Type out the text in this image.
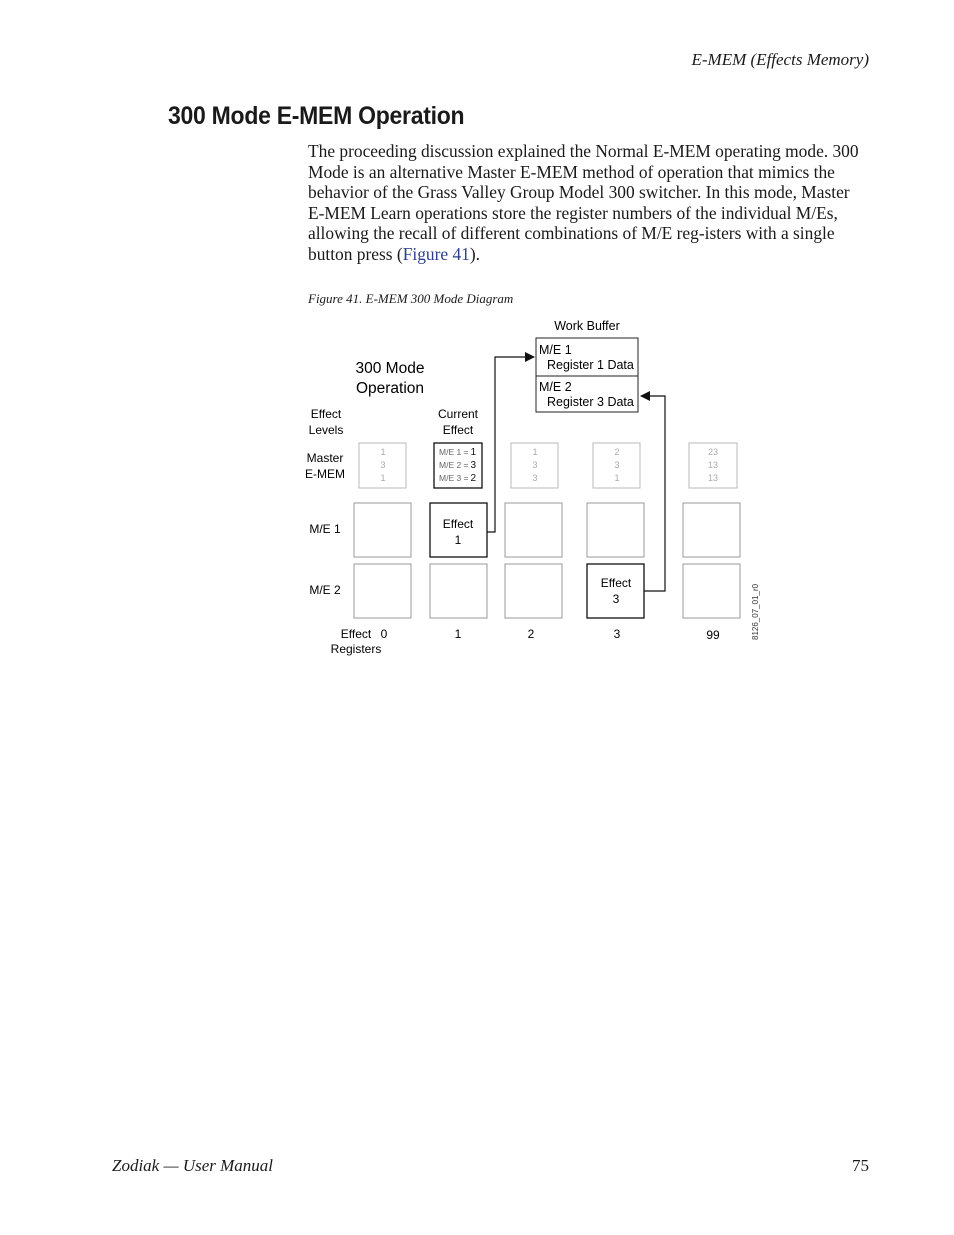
E-MEM (Effects Memory)
300 Mode E-MEM Operation

The proceeding discussion explained the Normal E-MEM operating mode. 300 Mode is an alternative Master E-MEM method of operation that mimics the behavior of the Grass Valley Group Model 300 switcher. In this mode, Master E-MEM Learn operations store the register numbers of the individual M/Es, allowing the recall of different combinations of M/E reg-isters with a single button press (Figure 41).

Figure 41. E-MEM 300 Mode Diagram
Work Buffer
M/E 1
Register 1 Data
M/E 2
Register 3 Data
300 Mode
Operation
Effect
Levels
Current
Effect
Master
E-MEM
M/E 1
M/E 2
1
3
1
M/E 1 =
M/E 2 =
M/E 3 =
1
3
2
1
3
3
2
3
1
23
13
13
Effect
1
Effect
3
Effect
Registers
0	1	2	3	99	8126_07_01_r0
Zodiak — User Manual	75
